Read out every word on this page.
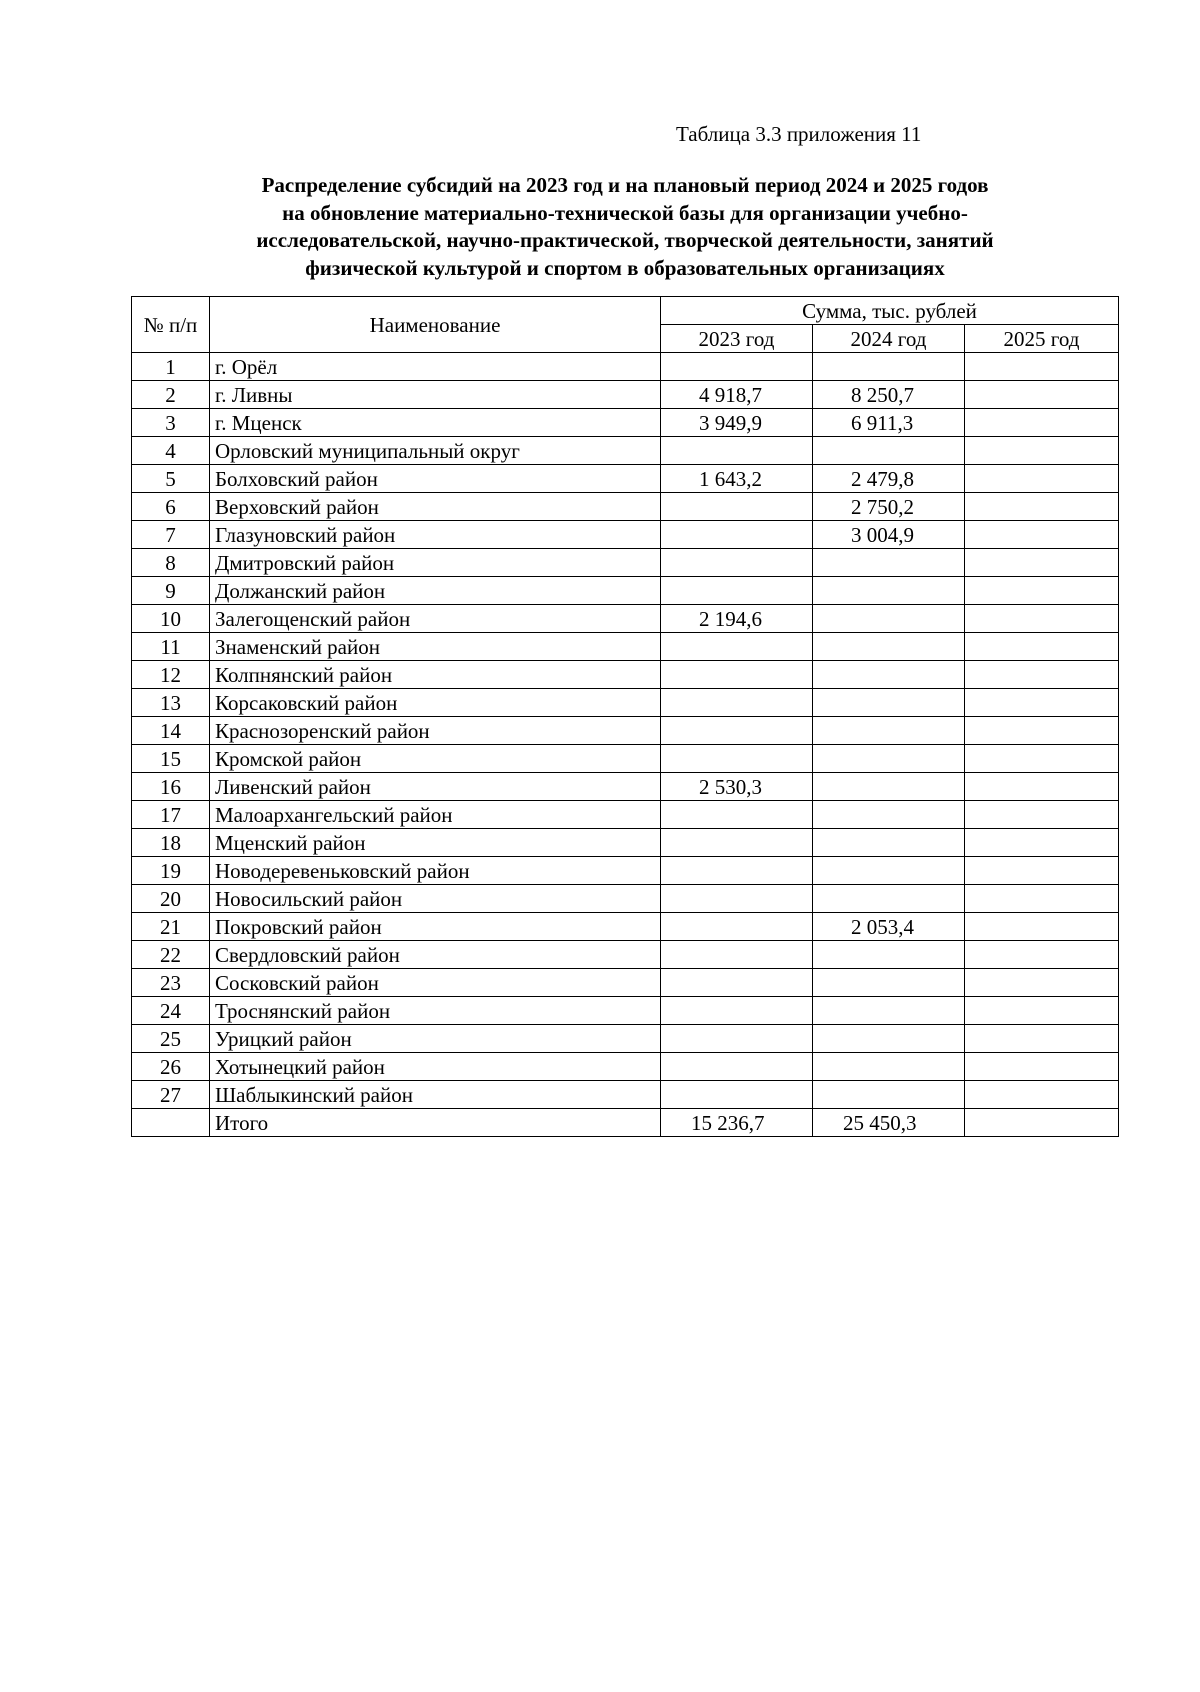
Таблица 3.3 приложения 11
Распределение субсидий на 2023 год и на плановый период 2024 и 2025 годов
на обновление материально-технической базы для организации учебно-
исследовательской, научно-практической, творческой деятельности, занятий
физической культурой и спортом в образовательных организациях
№ п/п	Наименование	Сумма, тыс. рублей		
		2023 год	2024 год	2025 год
1	г. Орёл			
2	г. Ливны	4 918,7	8 250,7	
3	г. Мценск	3 949,9	6 911,3	
4	Орловский муниципальный округ			
5	Болховский район	1 643,2	2 479,8	
6	Верховский район		2 750,2	
7	Глазуновский район		3 004,9	
8	Дмитровский район			
9	Должанский район			
10	Залегощенский район	2 194,6		
11	Знаменский район			
12	Колпнянский район			
13	Корсаковский район			
14	Краснозоренский район			
15	Кромской район			
16	Ливенский район	2 530,3		
17	Малоархангельский район			
18	Мценский район			
19	Новодеревеньковский район			
20	Новосильский район			
21	Покровский район		2 053,4	
22	Свердловский район			
23	Сосковский район			
24	Троснянский район			
25	Урицкий район			
26	Хотынецкий район			
27	Шаблыкинский район			
	Итого	15 236,7	25 450,3	
